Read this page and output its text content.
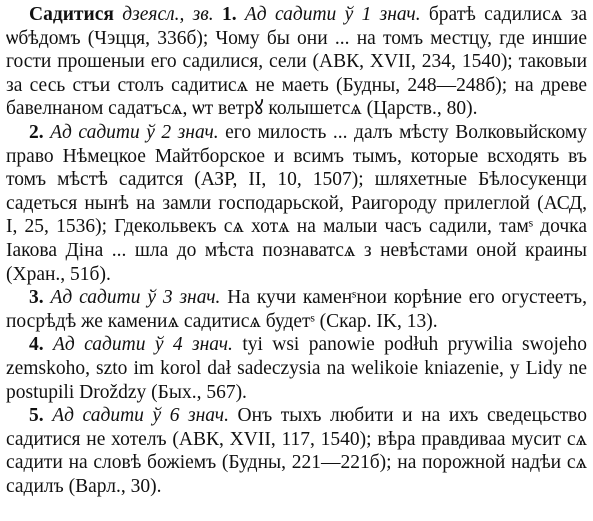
Садитися дзеясл., зв. 1. Ад садити ў 1 знач. братѣ садилисѧ за ѡбѣдомъ (Чэцця, 336б); Чому бы они ... на томъ местцу, где иншие гости прошеныи его садилися, сели (АВК, XVII, 234, 1540); таковыи за сесь стъи столъ садитисѧ не маеть (Будны, 248—248б); на древе бавелнаном садатъсѧ, ѡт ветрꙋ колышетсѧ (Царств., 80).

2. Ад садити ў 2 знач. его милость ... далъ мѣсту Волковыйскому право Нѣмецкое Майтборское и всимъ тымъ, которые всходять въ томъ мѣстѣ садится (АЗР, II, 10, 1507); шляхетные Бѣлосукенци садеться нынѣ на замли господарьской, Раигороду прилеглой (АСД, I, 25, 1536); Гдекольвекъ сѧ хотѧ на малыи часъ садили, тамˢ дочка Іакова Діна ... шла до мѣста познаватсѧ з невѣстами оной краины (Хран., 51б).

3. Ад садити ў 3 знач. На кучи каменˢнои корѣние его огустеетъ, посрѣдѣ же камениѧ садитисѧ будетˢ (Скар. IK, 13).

4. Ад садити ў 4 знач. tyi wsi panowie podłuh prywilia swojeho zemskoho, szto im korol dał sadeczysia na welikoie kniazenie, y Lidy ne postupili Droždzy (Бых., 567).

5. Ад садити ў 6 знач. Онъ тыхъ любити и на ихъ сведецьство садитися не хотелъ (АВК, XVII, 117, 1540); вѣра правдиваа мусит сѧ садити на словѣ божіемъ (Будны, 221—221б); на порожной надѣи сѧ садилъ (Варл., 30).
